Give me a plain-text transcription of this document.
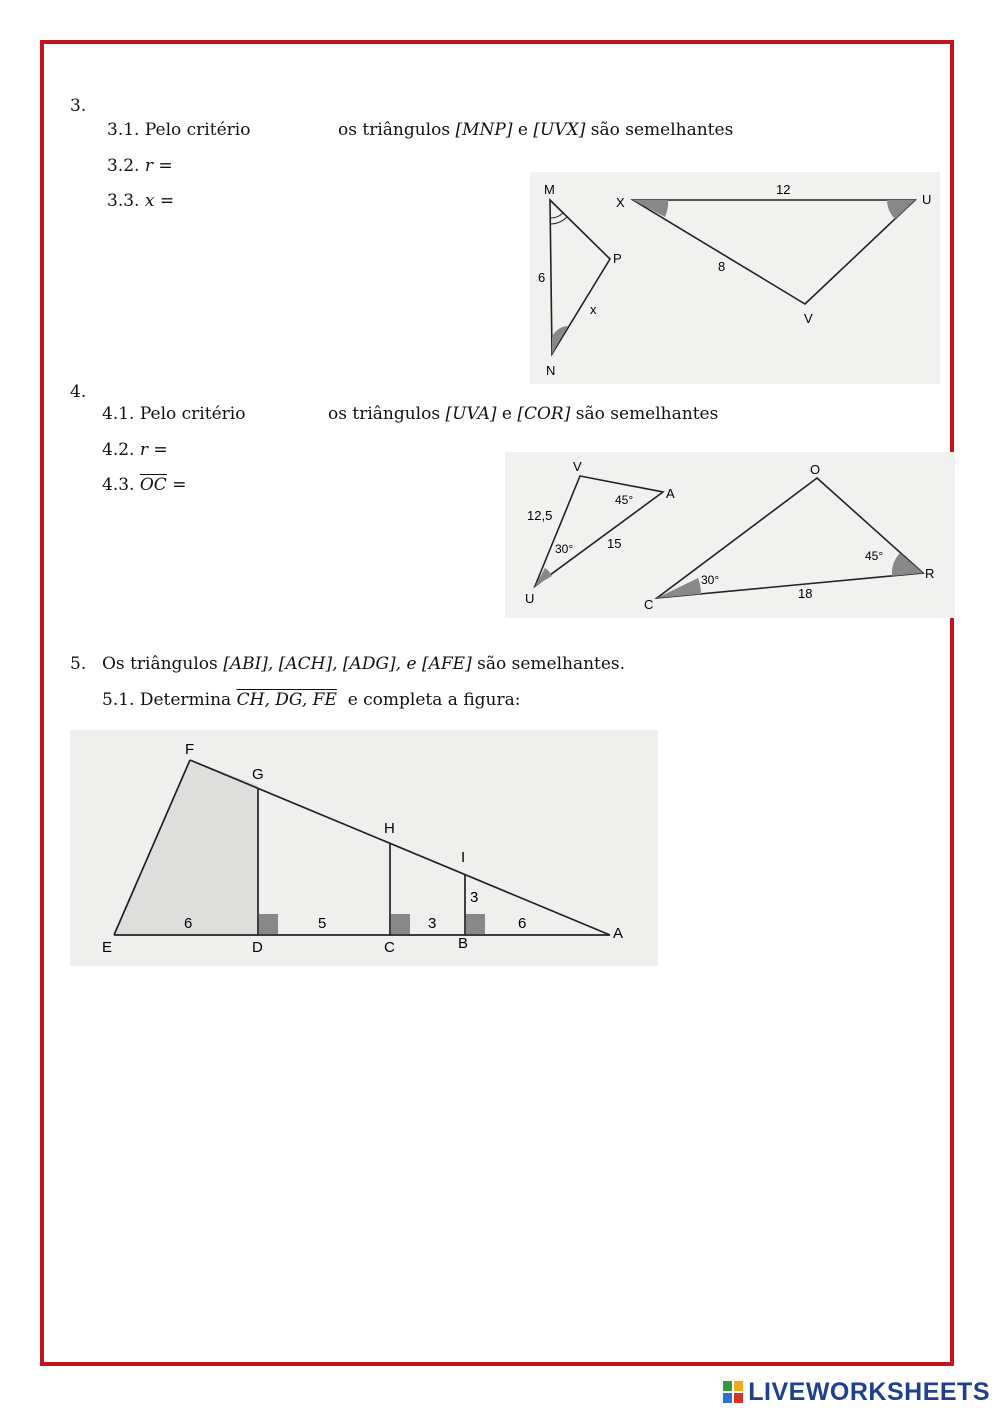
3.
3.1. Pelo critério	os triângulos [MNP] e [UVX] são semelhantes
3.2. r =
3.3. x =
M
N
P
X	U
V
6
x
12
8
4.
4.1. Pelo critério	os triângulos [UVA] e [COR] são semelhantes
4.2. r =
4.3. $\overline{OC}$ =
V
A
U
O
C
R
12,5
15
18
45°
30°
30°
45°
5. Os triângulos [ABI], [ACH], [ADG], e [AFE] são semelhantes.
5.1. Determina CH, DG, FE e completa a figura:
F
G
H
I
E	D	C	B
A
6	5	3	6
3
LIVEWORKSHEETS
